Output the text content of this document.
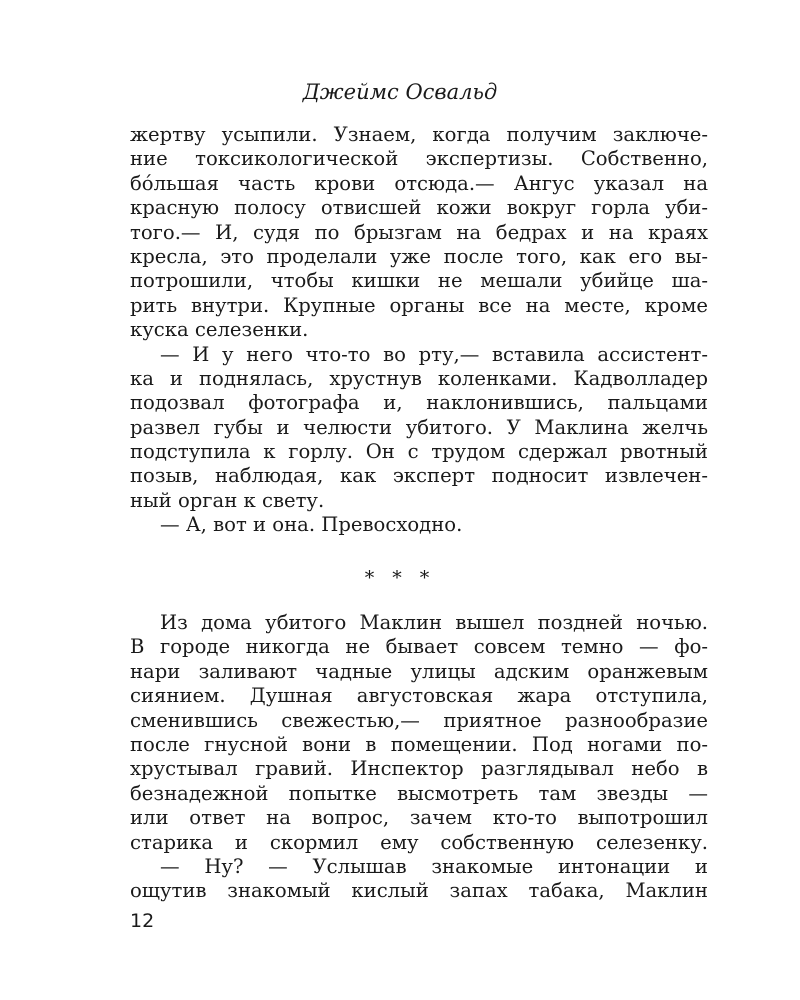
Джеймс Освальд
жертву усыпили. Узнаем, когда получим заключе-
ние токсикологической экспертизы. Собственно,
бóльшая часть крови отсюда.— Ангус указал на
красную полосу отвисшей кожи вокруг горла уби-
того.— И, судя по брызгам на бедрах и на краях
кресла, это проделали уже после того, как его вы-
потрошили, чтобы кишки не мешали убийце ша-
рить внутри. Крупные органы все на месте, кроме
куска селезенки.
— И у него что-то во рту,— вставила ассистент-
ка и поднялась, хрустнув коленками. Кадволладер
подозвал фотографа и, наклонившись, пальцами
развел губы и челюсти убитого. У Маклина желчь
подступила к горлу. Он с трудом сдержал рвотный
позыв, наблюдая, как эксперт подносит извлечен-
ный орган к свету.
— А, вот и она. Превосходно.
* * *
Из дома убитого Маклин вышел поздней ночью.
В городе никогда не бывает совсем темно — фо-
нари заливают чадные улицы адским оранжевым
сиянием. Душная августовская жара отступила,
сменившись свежестью,— приятное разнообразие
после гнусной вони в помещении. Под ногами по-
хрустывал гравий. Инспектор разглядывал небо в
безнадежной попытке высмотреть там звезды —
или ответ на вопрос, зачем кто-то выпотрошил
старика и скормил ему собственную селезенку.
— Ну? — Услышав знакомые интонации и
ощутив знакомый кислый запах табака, Маклин
12
